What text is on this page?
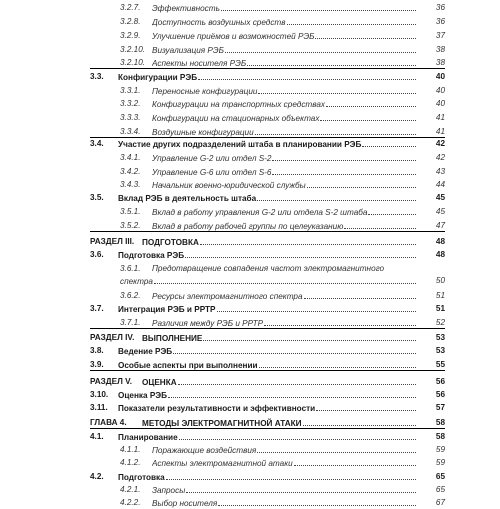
3.2.7. Эффективность	36
3.2.8. Доступность воздушных средств	36
3.2.9. Улучшение приёмов и возможностей РЭБ	37
3.2.10. Визуализация РЭБ	38
3.2.10. Аспекты носителя РЭБ	38
3.3. Конфигурации РЭБ	40
3.3.1. Переносные конфигурации	40
3.3.2. Конфигурации на транспортных средствах	40
3.3.3. Конфигурации на стационарных объектах	41
3.3.4. Воздушные конфигурации	41
3.4. Участие других подразделений штаба в планировании РЭБ	42
3.4.1. Управление G-2 или отдел S-2	42
3.4.2. Управление G-6 или отдел S-6	43
3.4.3. Начальник военно-юридической службы	44
3.5. Вклад РЭБ в деятельность штаба	45
3.5.1. Вклад в работу управления G-2 или отдела S-2 штаба	45
3.5.2. Вклад в работу рабочей группы по целеуказанию	47
РАЗДЕЛ III. ПОДГОТОВКА	48
3.6. Подготовка РЭБ	48
3.6.1. Предотвращение совпадения частот электромагнитного
спектра	50
3.6.2. Ресурсы электромагнитного спектра	51
3.7. Интеграция РЭБ и РРТР	51
3.7.1. Различия между РЭБ и РРТР	52
РАЗДЕЛ IV. ВЫПОЛНЕНИЕ	53
3.8. Ведение РЭБ	53
3.9. Особые аспекты при выполнении	55
РАЗДЕЛ V. ОЦЕНКА	56
3.10. Оценка РЭБ	56
3.11. Показатели результативности и эффективности	57
ГЛАВА 4. МЕТОДЫ ЭЛЕКТРОМАГНИТНОЙ АТАКИ	58
4.1. Планирование	58
4.1.1. Поражающие воздействия	59
4.1.2. Аспекты электромагнитной атаки	59
4.2. Подготовка	65
4.2.1. Запросы	65
4.2.2. Выбор носителя	67
